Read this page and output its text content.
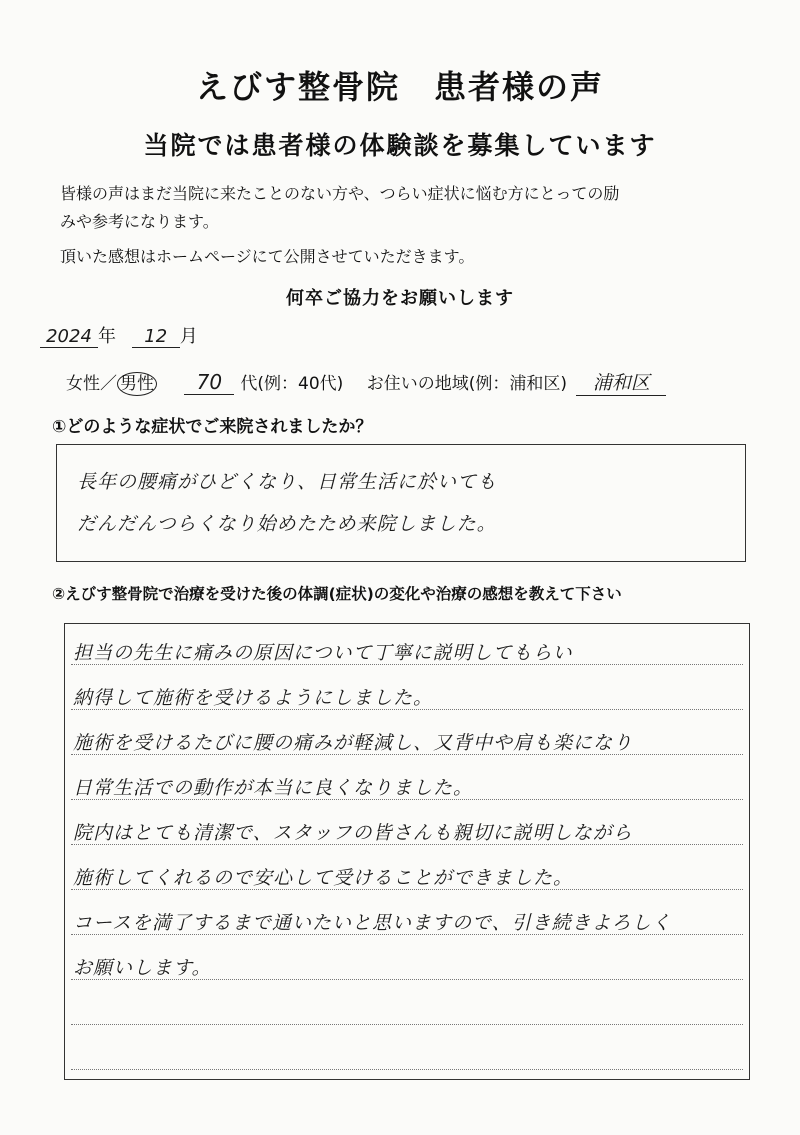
えびす整骨院　患者様の声
当院では患者様の体験談を募集しています
皆様の声はまだ当院に来たことのない方や、つらい症状に悩む方にとっての励
みや参考になります。
頂いた感想はホームページにて公開させていただきます。
何卒ご協力をお願いします
2024 年 12 月
女性／ 男性 70 代(例：40代) お住いの地域(例：浦和区) 浦和区
①どのような症状でご来院されましたか？
長年の腰痛がひどくなり、日常生活に於いても
だんだんつらくなり始めたため来院しました。
②えびす整骨院で治療を受けた後の体調(症状)の変化や治療の感想を教えて下さい
担当の先生に痛みの原因について丁寧に説明してもらい
納得して施術を受けるようにしました。
施術を受けるたびに腰の痛みが軽減し、又背中や肩も楽になり
日常生活での動作が本当に良くなりました。
院内はとても清潔で、スタッフの皆さんも親切に説明しながら
施術してくれるので安心して受けることができました。
コースを満了するまで通いたいと思いますので、引き続きよろしく
お願いします。
